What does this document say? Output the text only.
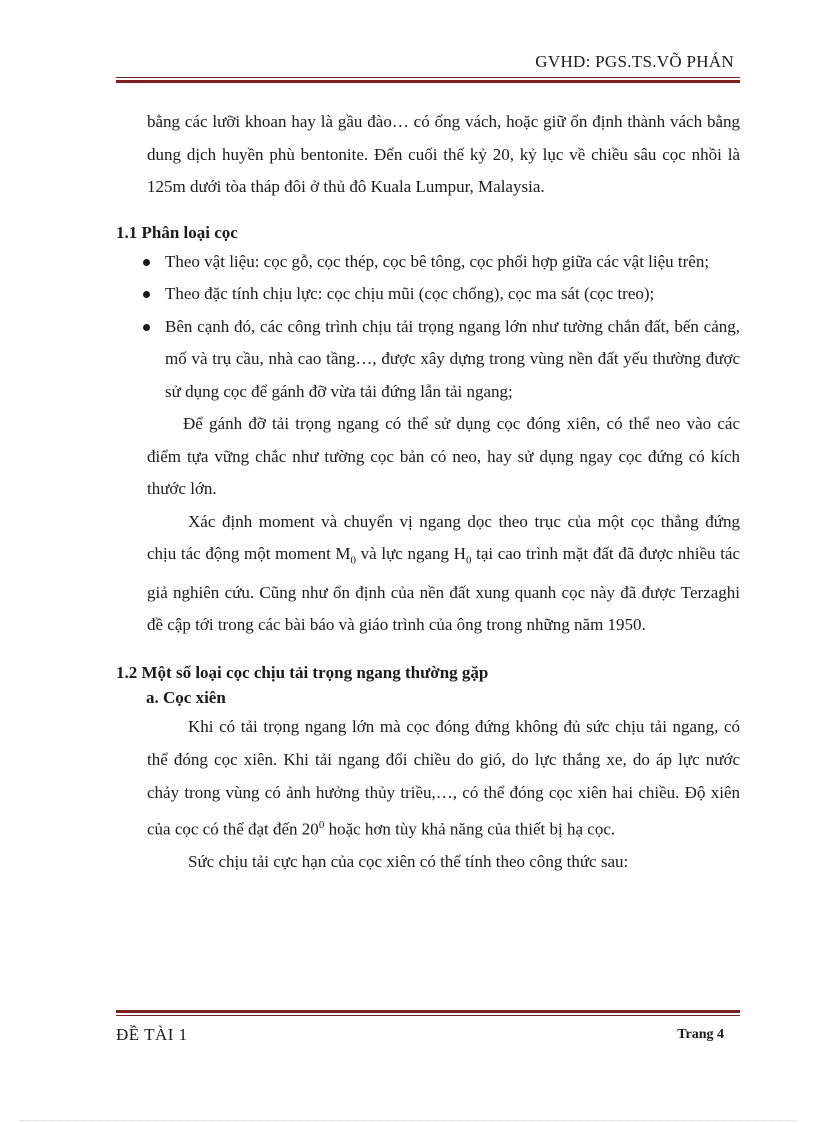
GVHD: PGS.TS.VÕ PHÁN

bằng các lưỡi khoan hay là gầu đào… có ống vách, hoặc giữ ổn định thành vách bằng dung dịch huyền phù bentonite. Đến cuối thế kỷ 20, kỷ lục về chiều sâu cọc nhồi là 125m dưới tòa tháp đôi ở thủ đô Kuala Lumpur, Malaysia.

1.1 Phân loại cọc

Theo vật liệu: cọc gỗ, cọc thép, cọc bê tông, cọc phối hợp giữa các vật liệu trên;
Theo đặc tính chịu lực: cọc chịu mũi (cọc chống), cọc ma sát (cọc treo);
Bên cạnh đó, các công trình chịu tải trọng ngang lớn như tường chắn đất, bến cảng, mố và trụ cầu, nhà cao tầng…, được xây dựng trong vùng nền đất yếu thường được sử dụng cọc để gánh đỡ vừa tải đứng lẫn tải ngang;

Để gánh đỡ tải trọng ngang có thể sử dụng cọc đóng xiên, có thể neo vào các điểm tựa vững chắc như tường cọc bản có neo, hay sử dụng ngay cọc đứng có kích thước lớn.

Xác định moment và chuyển vị ngang dọc theo trục của một cọc thẳng đứng chịu tác động một moment $M_0$ và lực ngang $H_0$ tại cao trình mặt đất đã được nhiều tác giả nghiên cứu. Cũng như ổn định của nền đất xung quanh cọc này đã được Terzaghi đề cập tới trong các bài báo và giáo trình của ông trong những năm 1950.

1.2 Một số loại cọc chịu tải trọng ngang thường gặp

a. Cọc xiên

Khi có tải trọng ngang lớn mà cọc đóng đứng không đủ sức chịu tải ngang, có thể đóng cọc xiên. Khi tải ngang đổi chiều do gió, do lực thắng xe, do áp lực nước chảy trong vùng có ảnh hưởng thủy triều,…, có thể đóng cọc xiên hai chiều. Độ xiên của cọc có thể đạt đến $20^0$ hoặc hơn tùy khả năng của thiết bị hạ cọc.

Sức chịu tải cực hạn của cọc xiên có thể tính theo công thức sau:

ĐỀ TÀI 1	Trang 4
